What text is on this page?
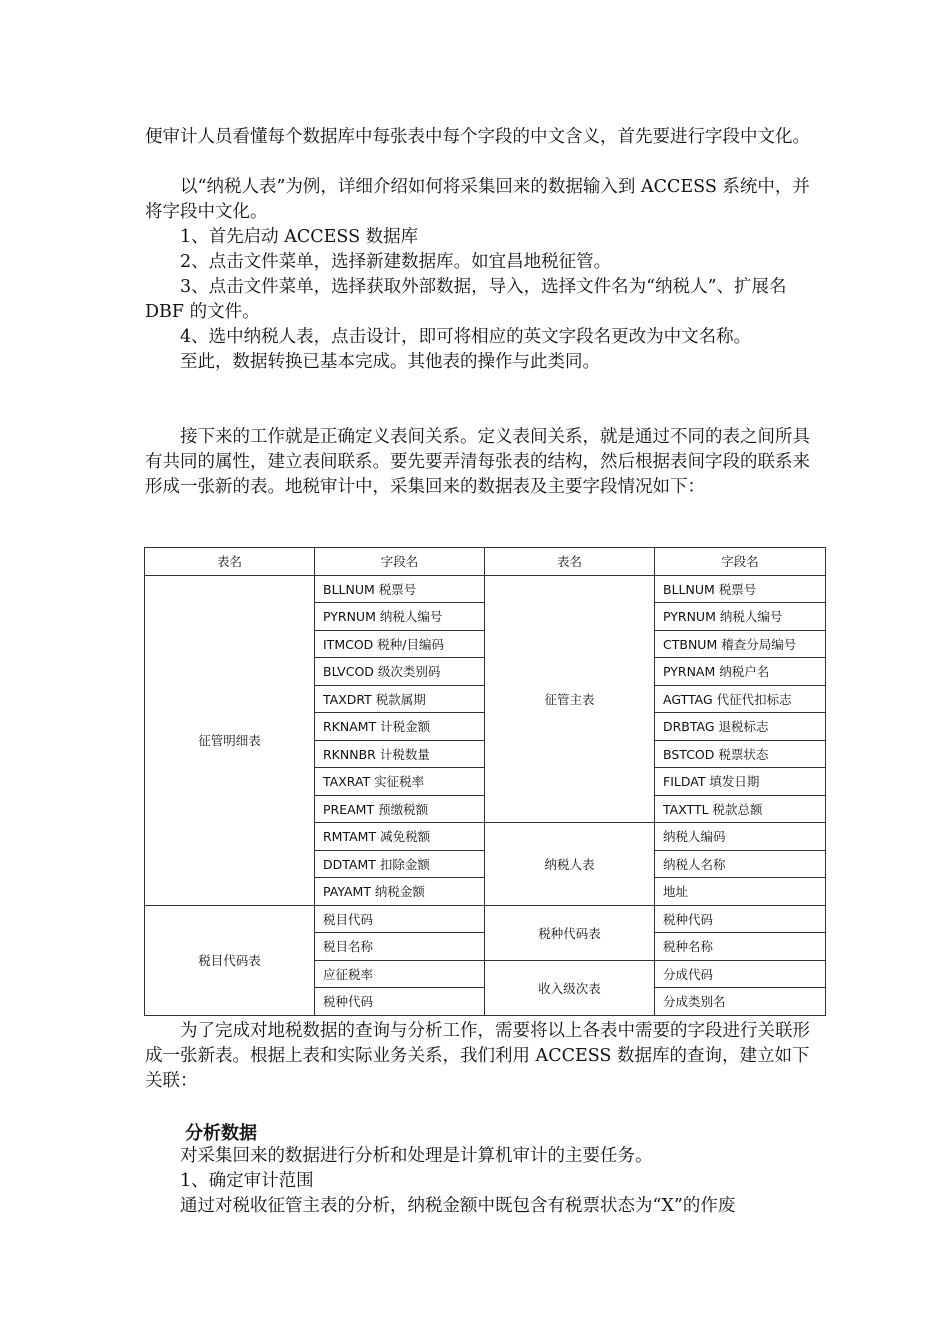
便审计人员看懂每个数据库中每张表中每个字段的中文含义，首先要进行字段中文化。

以“纳税人表”为例，详细介绍如何将采集回来的数据输入到 ACCESS 系统中，并将字段中文化。

1、首先启动 ACCESS 数据库

2、点击文件菜单，选择新建数据库。如宜昌地税征管。

3、点击文件菜单，选择获取外部数据，导入，选择文件名为“纳税人”、扩展名 DBF 的文件。

4、选中纳税人表，点击设计，即可将相应的英文字段名更改为中文名称。

至此，数据转换已基本完成。其他表的操作与此类同。

接下来的工作就是正确定义表间关系。定义表间关系，就是通过不同的表之间所具有共同的属性，建立表间联系。要先要弄清每张表的结构，然后根据表间字段的联系来形成一张新的表。地税审计中，采集回来的数据表及主要字段情况如下：

表名	字段名	表名	字段名
征管明细表	BLLNUM 税票号	征管主表	BLLNUM 税票号
	PYRNUM 纳税人编号		PYRNUM 纳税人编号
	ITMCOD 税种/目编码		CTBNUM 稽查分局编号
	BLVCOD 级次类别码		PYRNAM 纳税户名
	TAXDRT 税款属期		AGTTAG 代征代扣标志
	RKNAMT 计税金额		DRBTAG 退税标志
	RKNNBR 计税数量		BSTCOD 税票状态
	TAXRAT 实征税率		FILDAT 填发日期
	PREAMT 预缴税额		TAXTTL 税款总额
	RMTAMT 减免税额	纳税人表	纳税人编码
	DDTAMT 扣除金额		纳税人名称
	PAYAMT 纳税金额		地址
税目代码表	税目代码	税种代码表	税种代码
	税目名称		税种名称
	应征税率	收入级次表	分成代码
	税种代码		分成类别名

为了完成对地税数据的查询与分析工作，需要将以上各表中需要的字段进行关联形成一张新表。根据上表和实际业务关系，我们利用 ACCESS 数据库的查询，建立如下关联：

分析数据

对采集回来的数据进行分析和处理是计算机审计的主要任务。

1、确定审计范围

通过对税收征管主表的分析，纳税金额中既包含有税票状态为“X”的作废
